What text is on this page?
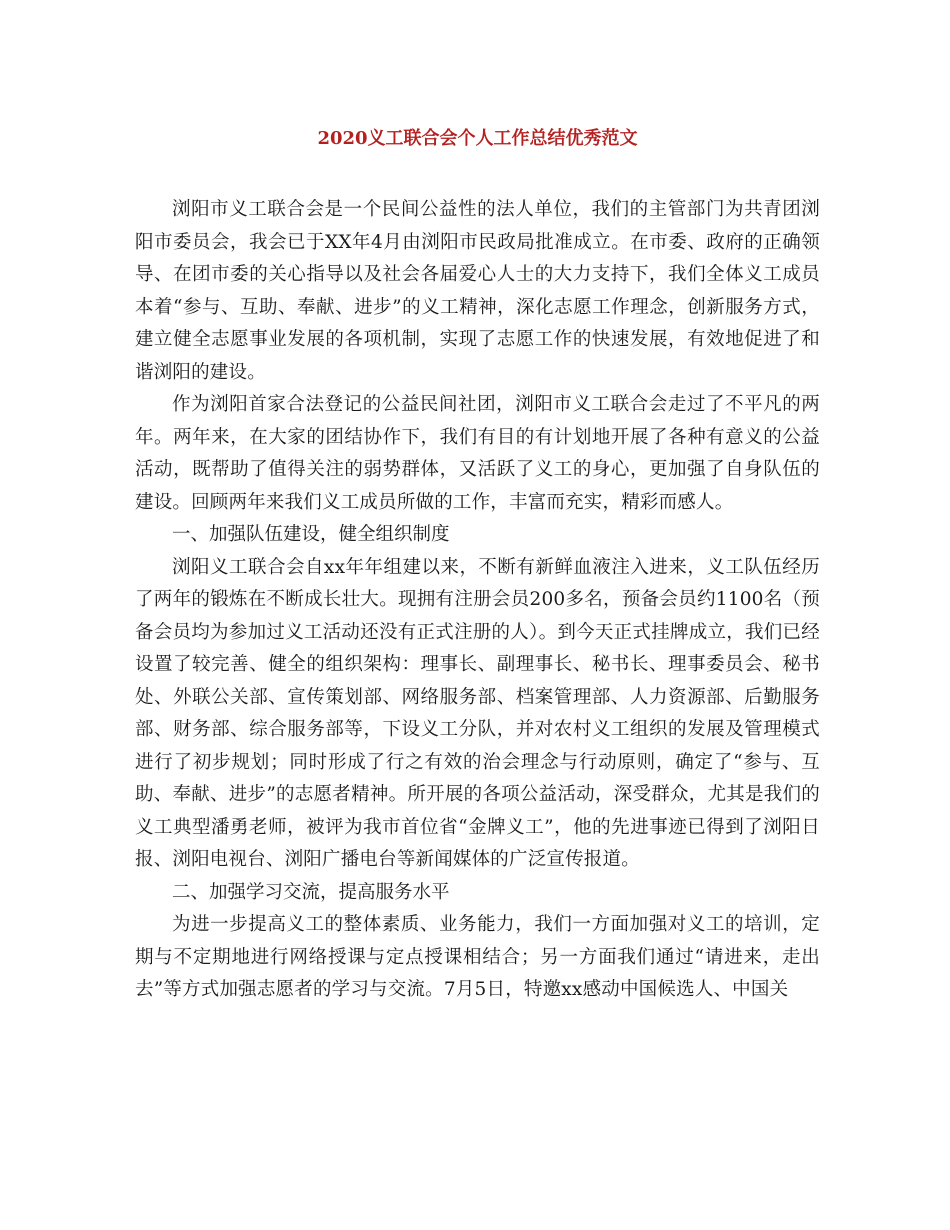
2020义工联合会个人工作总结优秀范文

浏阳市义工联合会是一个民间公益性的法人单位，我们的主管部门为共青团浏阳市委员会，我会已于XX年4月由浏阳市民政局批准成立。在市委、政府的正确领导、在团市委的关心指导以及社会各届爱心人士的大力支持下，我们全体义工成员本着“参与、互助、奉献、进步”的义工精神，深化志愿工作理念，创新服务方式，建立健全志愿事业发展的各项机制，实现了志愿工作的快速发展，有效地促进了和谐浏阳的建设。

作为浏阳首家合法登记的公益民间社团，浏阳市义工联合会走过了不平凡的两年。两年来，在大家的团结协作下，我们有目的有计划地开展了各种有意义的公益活动，既帮助了值得关注的弱势群体，又活跃了义工的身心，更加强了自身队伍的建设。回顾两年来我们义工成员所做的工作，丰富而充实，精彩而感人。

一、加强队伍建设，健全组织制度

浏阳义工联合会自xx年年组建以来，不断有新鲜血液注入进来，义工队伍经历了两年的锻炼在不断成长壮大。现拥有注册会员200多名，预备会员约1100名（预备会员均为参加过义工活动还没有正式注册的人）。到今天正式挂牌成立，我们已经设置了较完善、健全的组织架构：理事长、副理事长、秘书长、理事委员会、秘书处、外联公关部、宣传策划部、网络服务部、档案管理部、人力资源部、后勤服务部、财务部、综合服务部等，下设义工分队，并对农村义工组织的发展及管理模式进行了初步规划；同时形成了行之有效的治会理念与行动原则，确定了“参与、互助、奉献、进步”的志愿者精神。所开展的各项公益活动，深受群众，尤其是我们的义工典型潘勇老师，被评为我市首位省“金牌义工”，他的先进事迹已得到了浏阳日报、浏阳电视台、浏阳广播电台等新闻媒体的广泛宣传报道。

二、加强学习交流，提高服务水平

为进一步提高义工的整体素质、业务能力，我们一方面加强对义工的培训，定期与不定期地进行网络授课与定点授课相结合；另一方面我们通过“请进来，走出去”等方式加强志愿者的学习与交流。7月5日，特邀xx感动中国候选人、中国关
